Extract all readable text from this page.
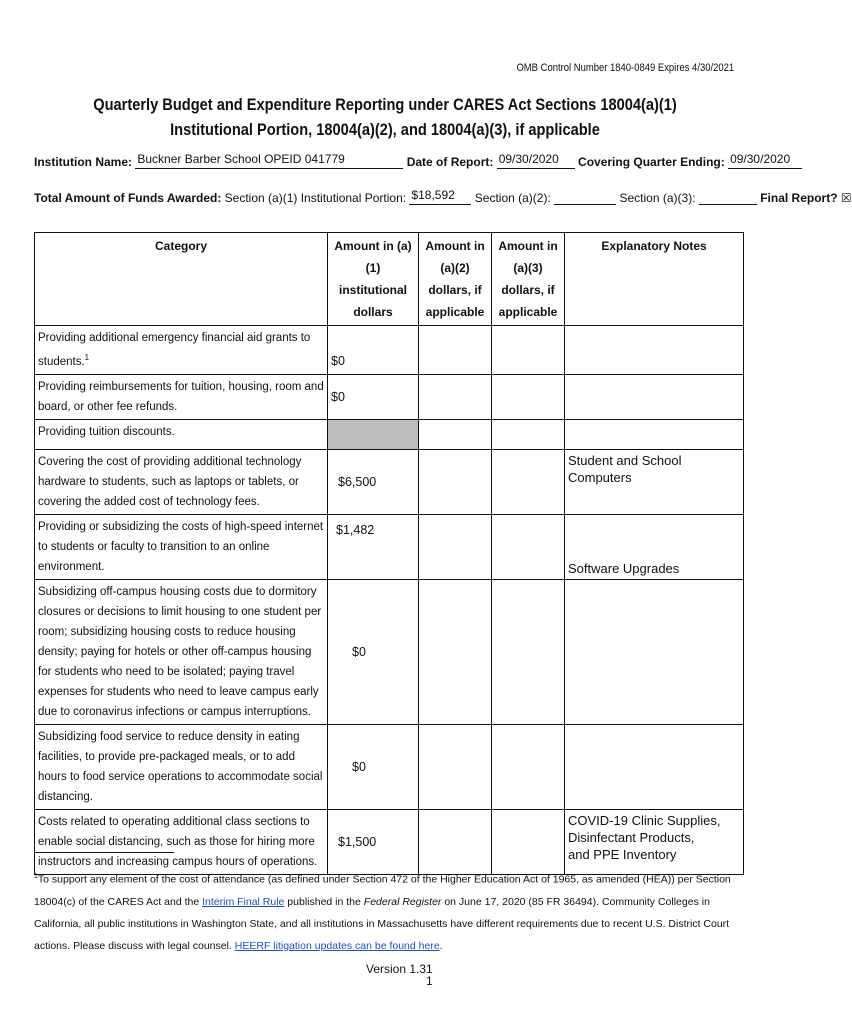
OMB Control Number 1840-0849 Expires 4/30/2021
Quarterly Budget and Expenditure Reporting under CARES Act Sections 18004(a)(1) Institutional Portion, 18004(a)(2), and 18004(a)(3), if applicable
Institution Name: Buckner Barber School OPEID 041779	Date of Report: 09/30/2020 Covering Quarter Ending: 09/30/2020
Total Amount of Funds Awarded: Section (a)(1) Institutional Portion: $18,592 Section (a)(2):	Section (a)(3):	Final Report? ☒
Category	Amount in (a)(1) institutional dollars	Amount in (a)(2) dollars, if applicable	Amount in (a)(3) dollars, if applicable	Explanatory Notes
Providing additional emergency financial aid grants to students.$^1$	$0			
Providing reimbursements for tuition, housing, room and board, or other fee refunds.	$0			
Providing tuition discounts.				
Covering the cost of providing additional technology hardware to students, such as laptops or tablets, or covering the added cost of technology fees.	$6,500			Student and School Computers
Providing or subsidizing the costs of high-speed internet to students or faculty to transition to an online environment.	$1,482			Software Upgrades
Subsidizing off-campus housing costs due to dormitory closures or decisions to limit housing to one student per room; subsidizing housing costs to reduce housing density; paying for hotels or other off-campus housing for students who need to be isolated; paying travel expenses for students who need to leave campus early due to coronavirus infections or campus interruptions.	$0			
Subsidizing food service to reduce density in eating facilities, to provide pre-packaged meals, or to add hours to food service operations to accommodate social distancing.	$0			
Costs related to operating additional class sections to enable social distancing, such as those for hiring more instructors and increasing campus hours of operations.	$1,500			COVID-19 Clinic Supplies,
Disinfectant Products,
and PPE Inventory
$^1$To support any element of the cost of attendance (as defined under Section 472 of the Higher Education Act of 1965, as amended (HEA)) per Section 18004(c) of the CARES Act and the Interim Final Rule published in the Federal Register on June 17, 2020 (85 FR 36494). Community Colleges in California, all public institutions in Washington State, and all institutions in Massachusetts have different requirements due to recent U.S. District Court actions. Please discuss with legal counsel. HEERF litigation updates can be found here.
Version 1.31
1
